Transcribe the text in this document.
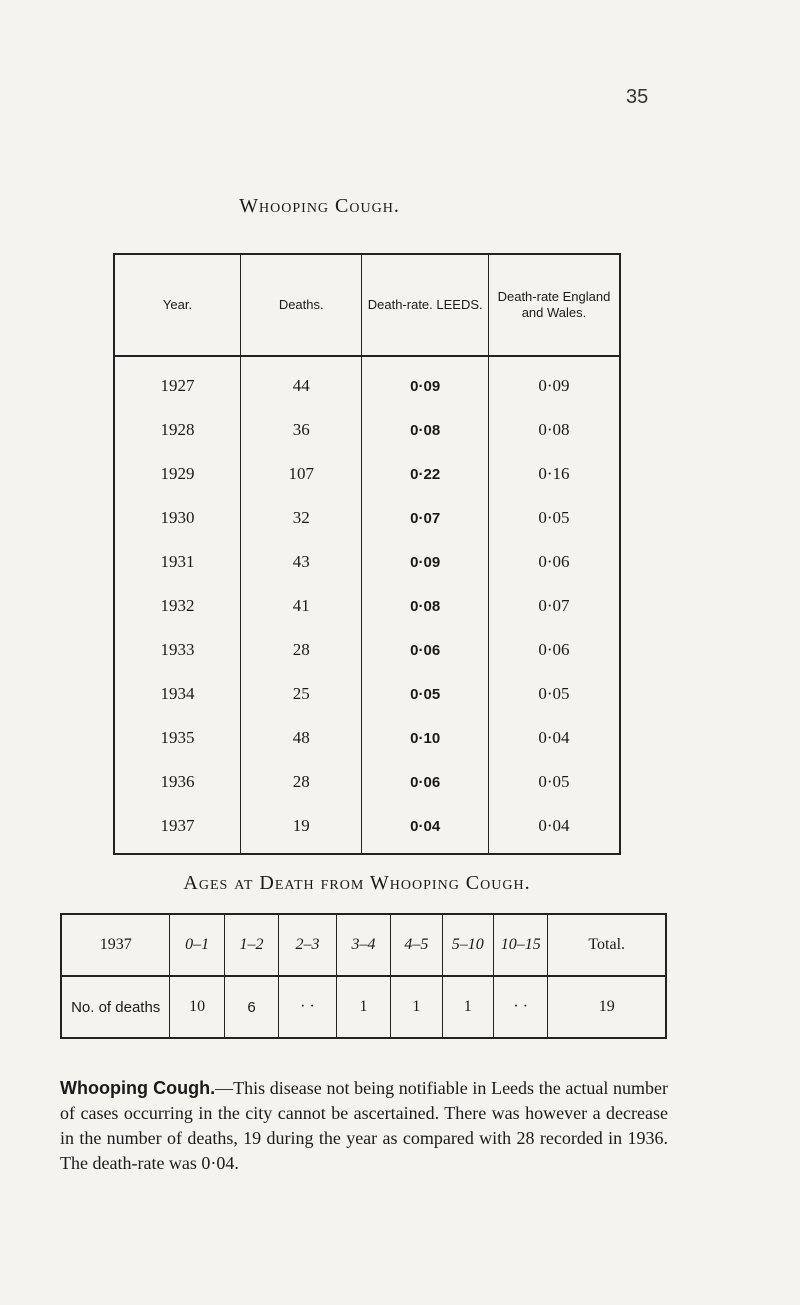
35
Whooping Cough.
Year.	Deaths.	Death-rate. LEEDS.	Death-rate England and Wales.
1927	44	0·09	0·09
1928	36	0·08	0·08
1929	107	0·22	0·16
1930	32	0·07	0·05
1931	43	0·09	0·06
1932	41	0·08	0·07
1933	28	0·06	0·06
1934	25	0·05	0·05
1935	48	0·10	0·04
1936	28	0·06	0·05
1937	19	0·04	0·04
Ages at Death from Whooping Cough.
1937	0–1	1–2	2–3	3–4	4–5	5–10	10–15	Total.
No. of deaths	10	6	· ·	1	1	1	· ·	19
Whooping Cough.—This disease not being notifiable in Leeds the actual number of cases occurring in the city cannot be ascertained. There was however a decrease in the number of deaths, 19 during the year as compared with 28 recorded in 1936. The death-rate was 0·04.
